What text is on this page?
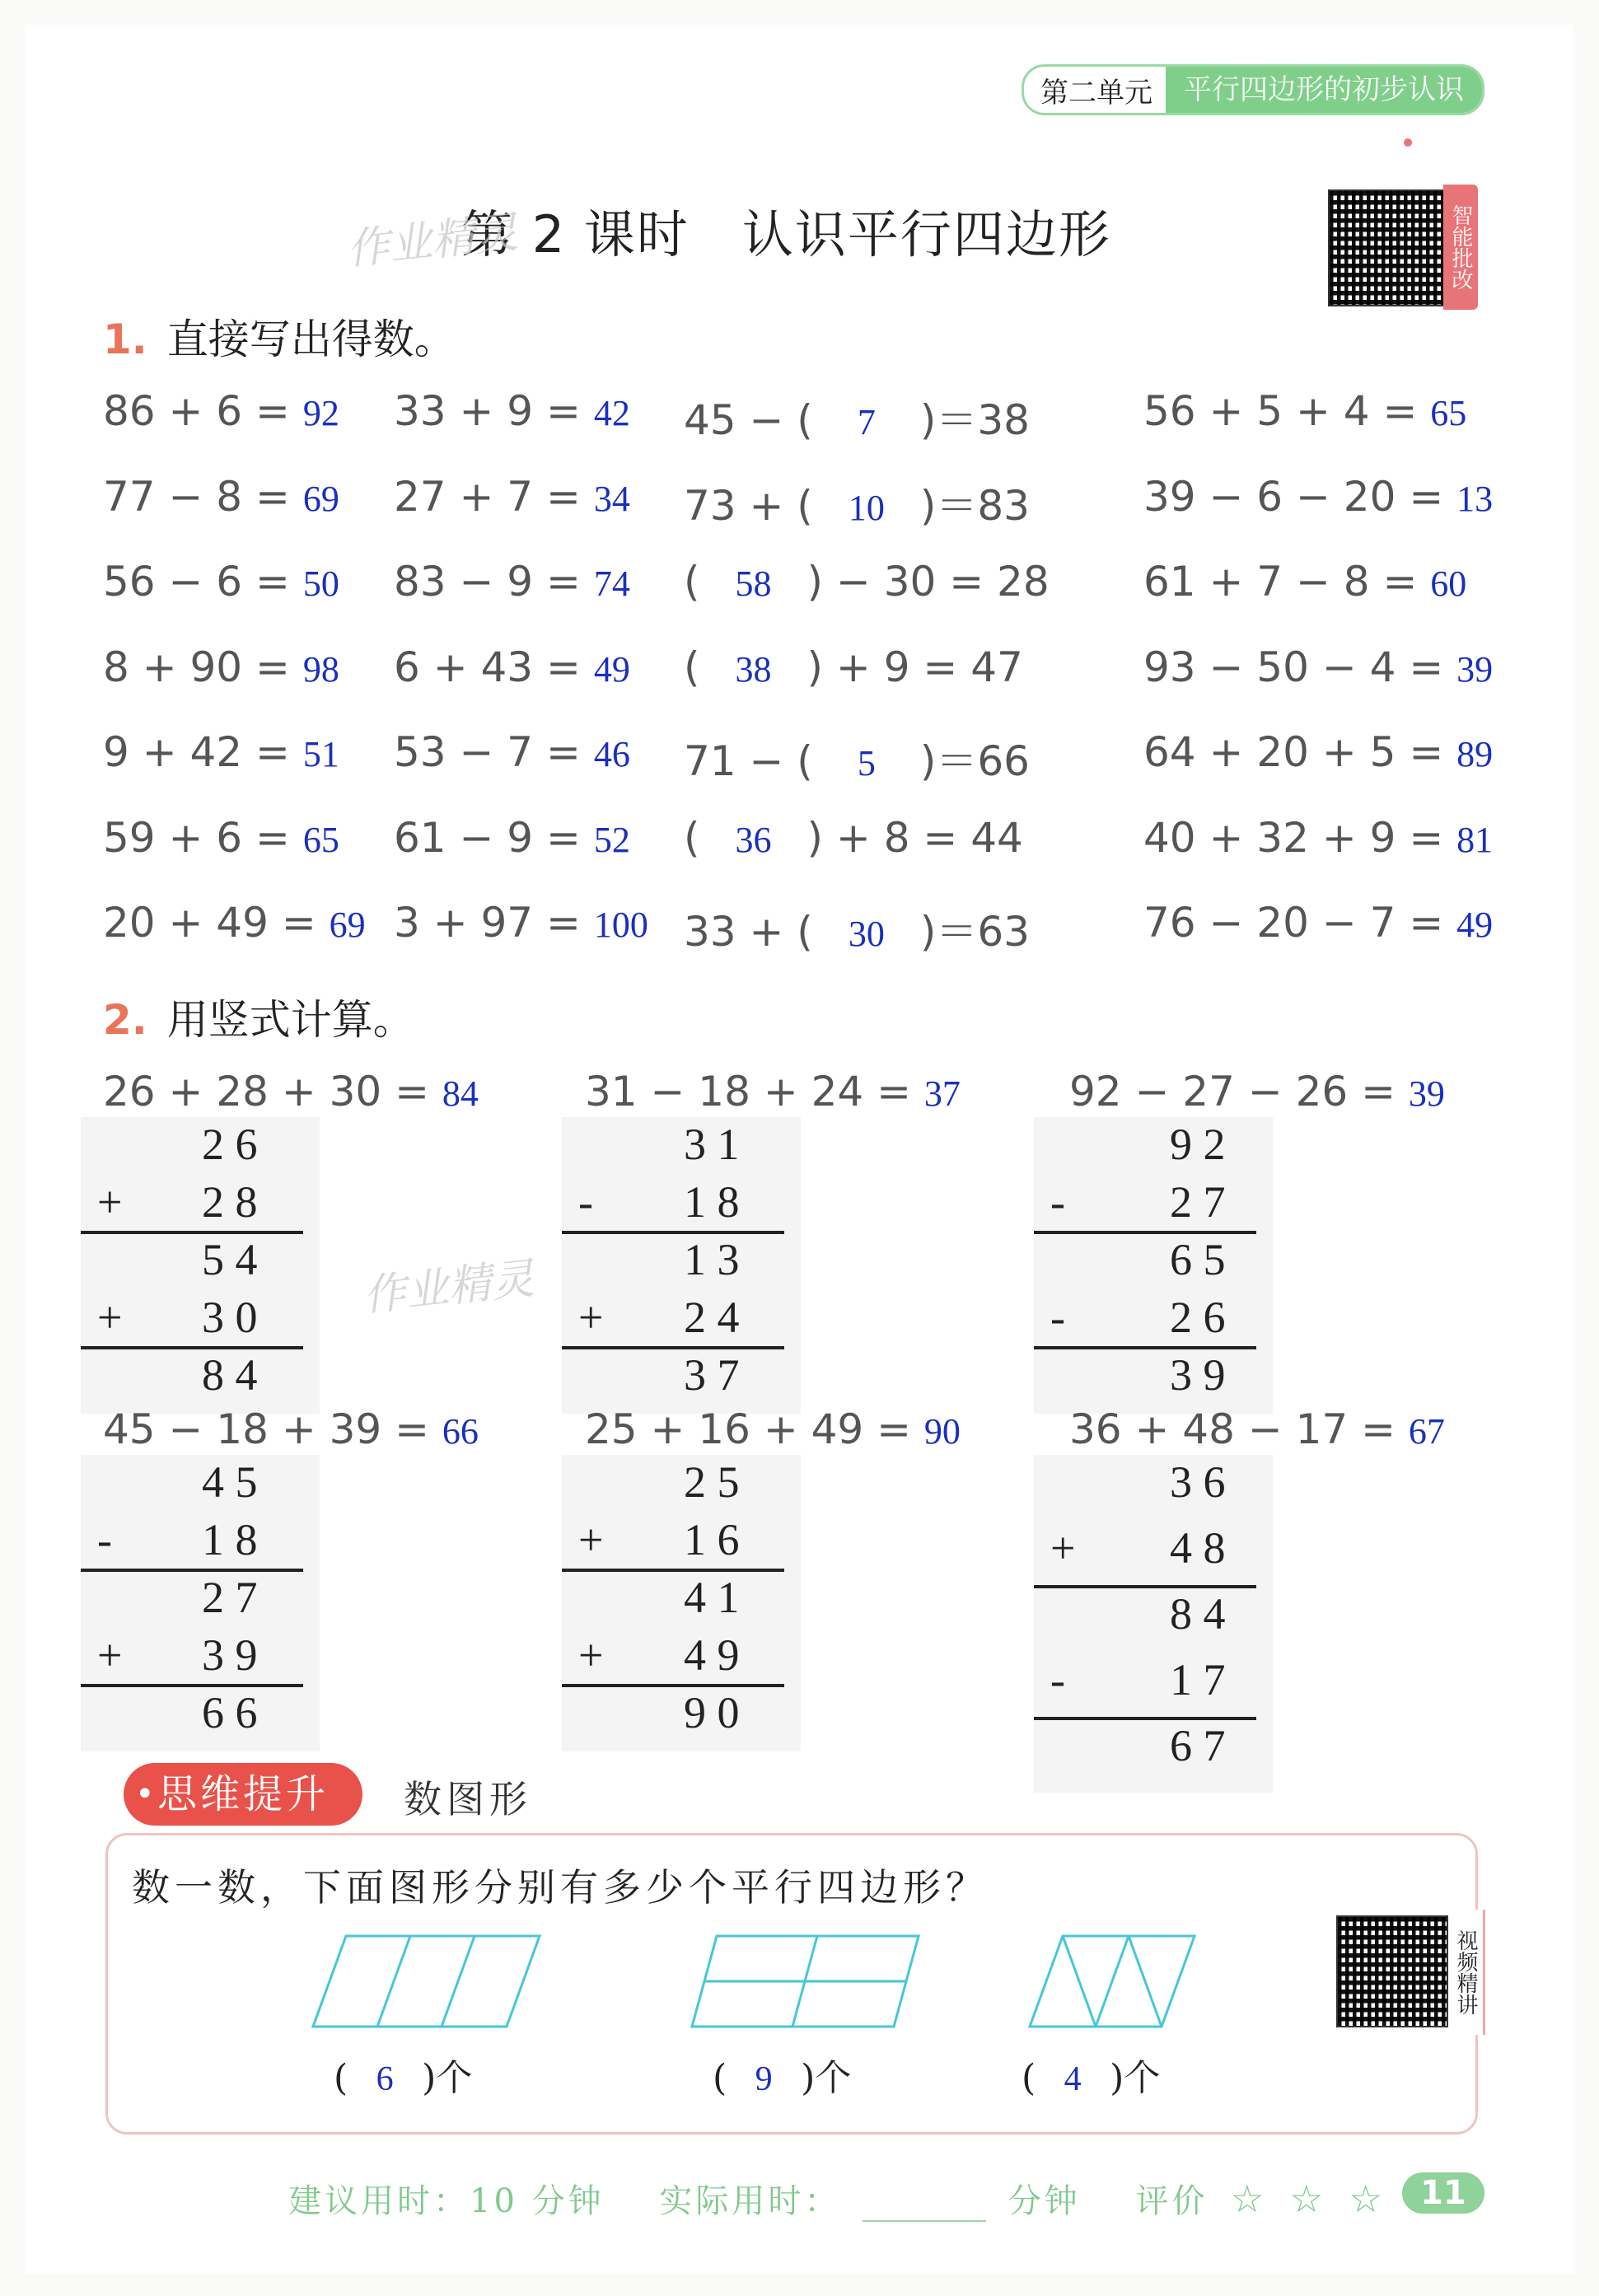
第二单元	平行四边形的初步认识
第 2 课时　认识平行四边形
作业精灵
作业精灵
智能批改
1. 直接写出得数。
86 + 6 = 92 33 + 9 = 42 45 − ( 7 )＝38	56 + 5 + 4 = 65
77 − 8 = 69 27 + 7 = 34 73 + ( 10 )＝83	39 − 6 − 20 = 13
56 − 6 = 50 83 − 9 = 74 ( 58 ) − 30 = 28 61 + 7 − 8 = 60
8 + 90 = 98 6 + 43 = 49 ( 38 ) + 9 = 47	93 − 50 − 4 = 39
9 + 42 = 51 53 − 7 = 46 71 − ( 5 )＝66	64 + 20 + 5 = 89
59 + 6 = 65 61 − 9 = 52 ( 36 ) + 8 = 44	40 + 32 + 9 = 81
20 + 49 = 69 3 + 97 = 100 33 + ( 30 )＝63	76 − 20 − 7 = 49
2. 用竖式计算。
26 + 28 + 30 = 84
2 6
+ 2 8
5 4
+ 3 0
8 4
31 − 18 + 24 = 37
3 1
- 1 8
1 3
+ 2 4
3 7
92 − 27 − 26 = 39
9 2
- 2 7
6 5
- 2 6
3 9
45 − 18 + 39 = 66
4 5
- 1 8
2 7
+ 3 9
6 6
25 + 16 + 49 = 90
2 5
+ 1 6
4 1
+ 4 9
9 0
36 + 48 − 17 = 67
3 6
+ 4 8
8 4
- 1 7
6 7
• 思维提升	数图形
数一数，下面图形分别有多少个平行四边形？
视频精讲
( 6 )个	( 9 )个	( 4 )个
建议用时：10 分钟 实际用时：	分钟 评价 ☆ ☆ ☆	11
